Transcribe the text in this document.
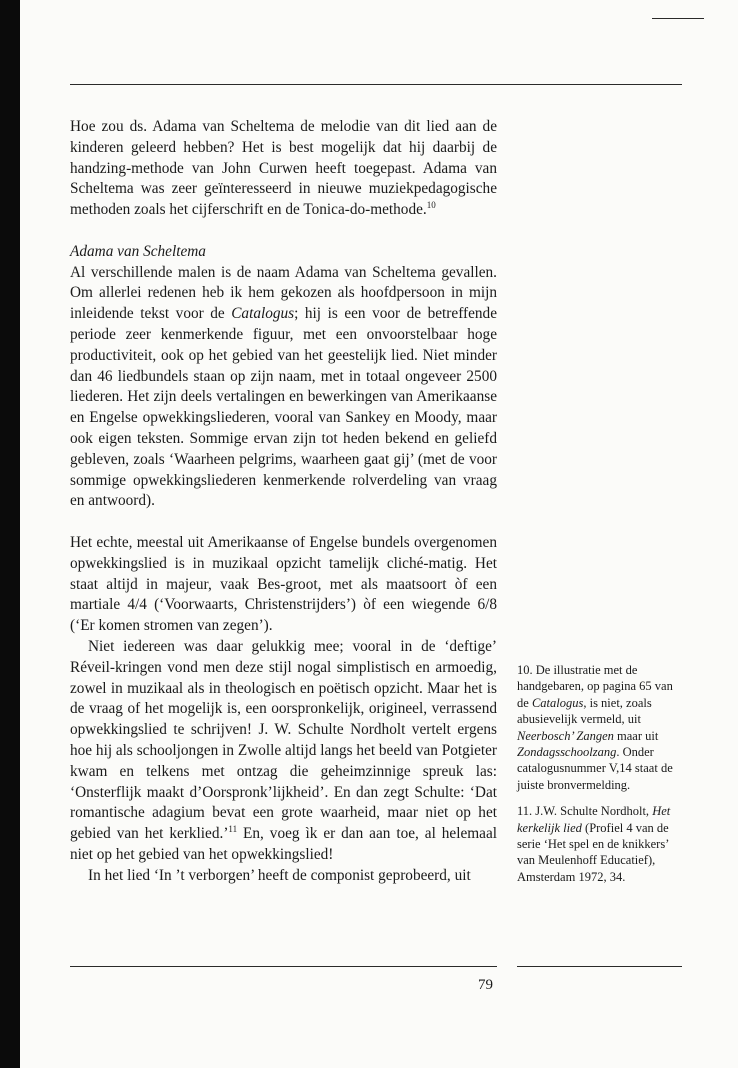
Hoe zou ds. Adama van Scheltema de melodie van dit lied aan de kinderen geleerd hebben? Het is best mogelijk dat hij daarbij de handzing-methode van John Curwen heeft toegepast. Adama van Scheltema was zeer geïnteresseerd in nieuwe muziekpedagogische methoden zoals het cijferschrift en de Tonica-do-methode.$^{10}$

Adama van Scheltema

Al verschillende malen is de naam Adama van Scheltema gevallen. Om allerlei redenen heb ik hem gekozen als hoofdpersoon in mijn inleidende tekst voor de Catalogus; hij is een voor de betreffende periode zeer kenmerkende figuur, met een onvoorstelbaar hoge productiviteit, ook op het gebied van het geestelijk lied. Niet minder dan 46 liedbundels staan op zijn naam, met in totaal ongeveer 2500 liederen. Het zijn deels vertalingen en bewerkingen van Amerikaanse en Engelse opwekkingsliederen, vooral van Sankey en Moody, maar ook eigen teksten. Sommige ervan zijn tot heden bekend en geliefd gebleven, zoals ‘Waarheen pelgrims, waarheen gaat gij’ (met de voor sommige opwekkingsliederen kenmerkende rolverdeling van vraag en antwoord).

Het echte, meestal uit Amerikaanse of Engelse bundels overgenomen opwekkingslied is in muzikaal opzicht tamelijk cliché-matig. Het staat altijd in majeur, vaak Bes-groot, met als maatsoort òf een martiale 4/4 (‘Voorwaarts, Christenstrijders’) òf een wiegende 6/8 (‘Er komen stromen van zegen’).

Niet iedereen was daar gelukkig mee; vooral in de ‘deftige’ Réveil-kringen vond men deze stijl nogal simplistisch en armoedig, zowel in muzikaal als in theologisch en poëtisch opzicht. Maar het is de vraag of het mogelijk is, een oorspronkelijk, origineel, verrassend opwekkingslied te schrijven! J. W. Schulte Nordholt vertelt ergens hoe hij als schooljongen in Zwolle altijd langs het beeld van Potgieter kwam en telkens met ontzag die geheimzinnige spreuk las: ‘Onsterflijk maakt d’Oorspronk’lijkheid’. En dan zegt Schulte: ‘Dat romantische adagium bevat een grote waarheid, maar niet op het gebied van het kerklied.’$^{11}$ En, voeg ìk er dan aan toe, al helemaal niet op het gebied van het opwekkingslied!

In het lied ‘In ’t verborgen’ heeft de componist geprobeerd, uit

10. De illustratie met de handgebaren, op pagina 65 van de Catalogus, is niet, zoals abusievelijk vermeld, uit Neerbosch’ Zangen maar uit Zondagsschoolzang. Onder catalogusnummer V,14 staat de juiste bronvermelding.

11. J.W. Schulte Nordholt, Het kerkelijk lied (Profiel 4 van de serie ‘Het spel en de knikkers’ van Meulenhoff Educatief), Amsterdam 1972, 34.

79
